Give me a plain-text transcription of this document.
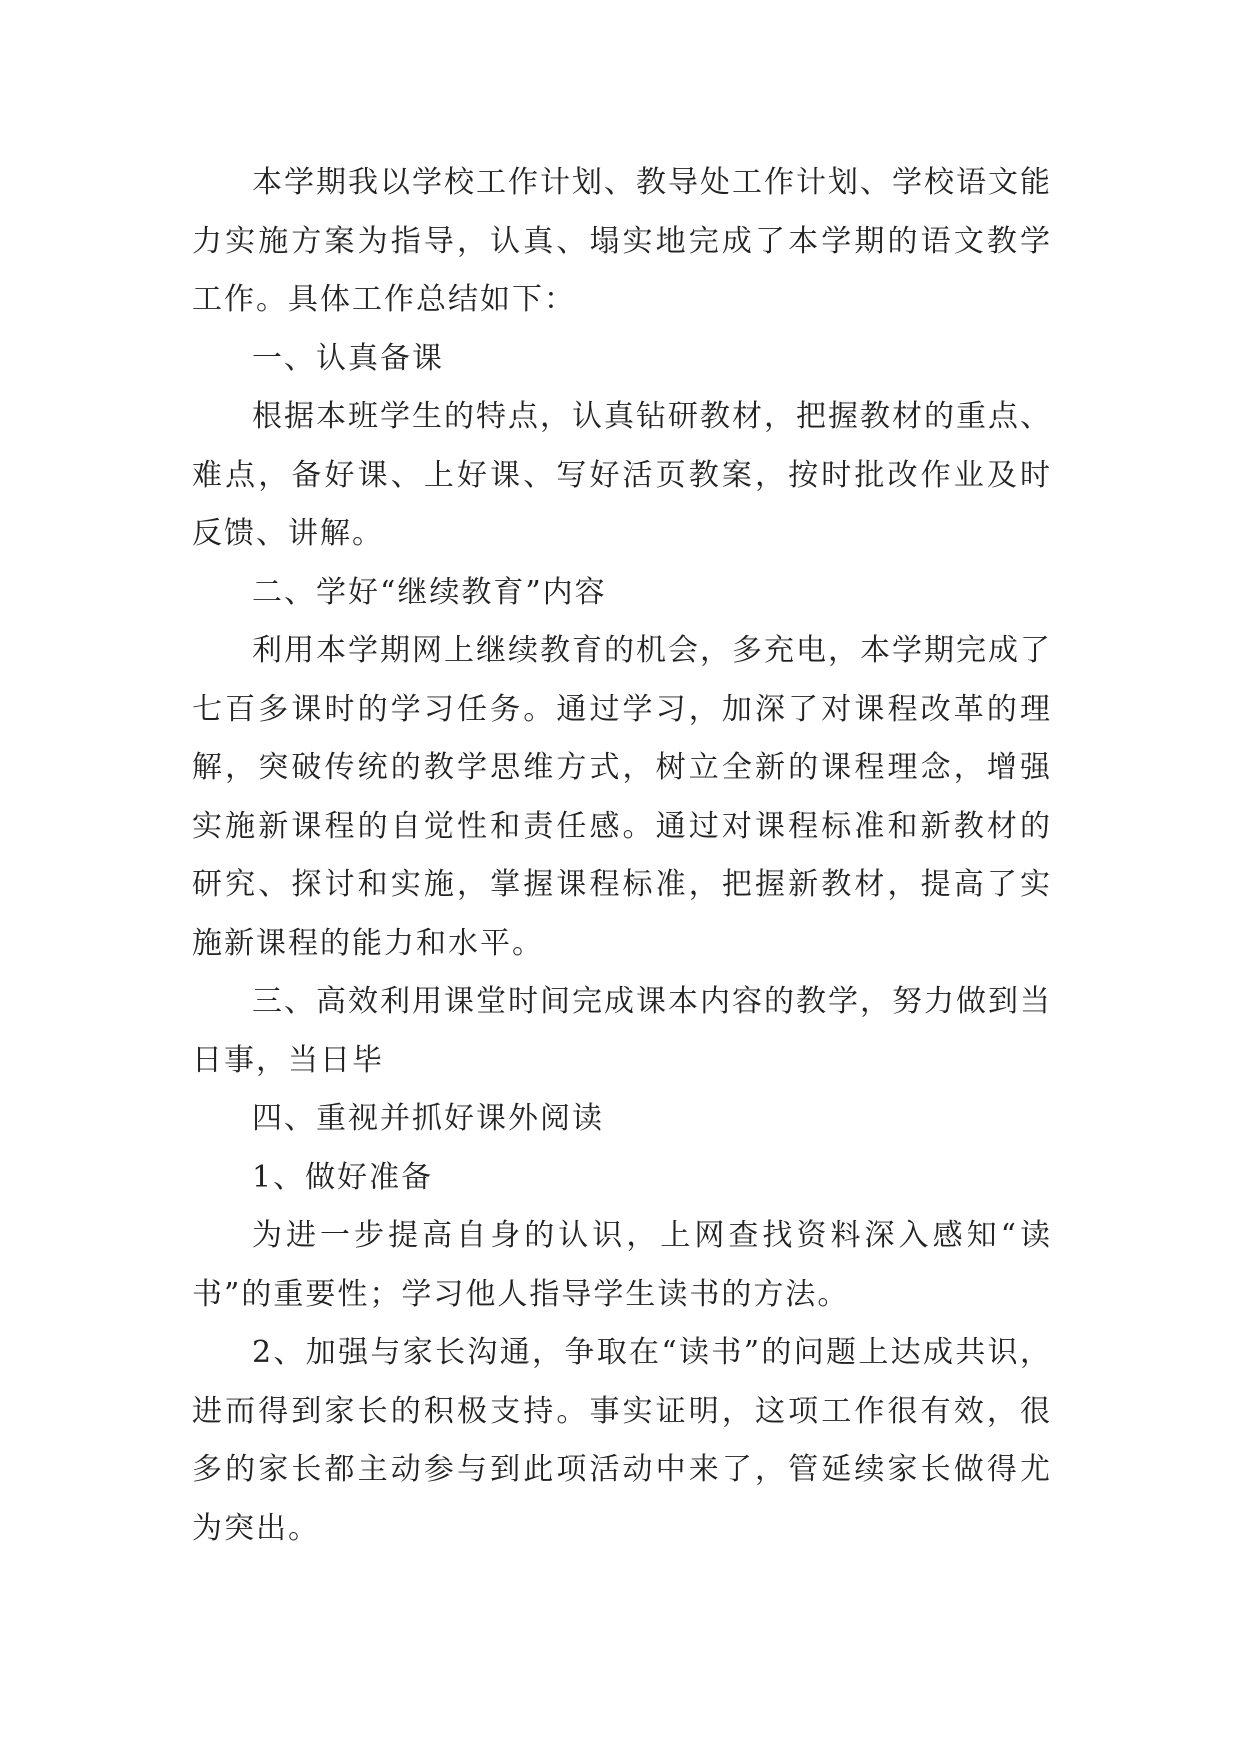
本学期我以学校工作计划、教导处工作计划、学校语文能力实施方案为指导，认真、塌实地完成了本学期的语文教学工作。具体工作总结如下：

一、认真备课

根据本班学生的特点，认真钻研教材，把握教材的重点、难点，备好课、上好课、写好活页教案，按时批改作业及时反馈、讲解。

二、学好“继续教育”内容

利用本学期网上继续教育的机会，多充电，本学期完成了七百多课时的学习任务。通过学习，加深了对课程改革的理解，突破传统的教学思维方式，树立全新的课程理念，增强实施新课程的自觉性和责任感。通过对课程标准和新教材的研究、探讨和实施，掌握课程标准，把握新教材，提高了实施新课程的能力和水平。

三、高效利用课堂时间完成课本内容的教学，努力做到当日事，当日毕

四、重视并抓好课外阅读

1、做好准备

为进一步提高自身的认识，上网查找资料深入感知“读书”的重要性；学习他人指导学生读书的方法。

2、加强与家长沟通，争取在“读书”的问题上达成共识，进而得到家长的积极支持。事实证明，这项工作很有效，很多的家长都主动参与到此项活动中来了，管延续家长做得尤为突出。
